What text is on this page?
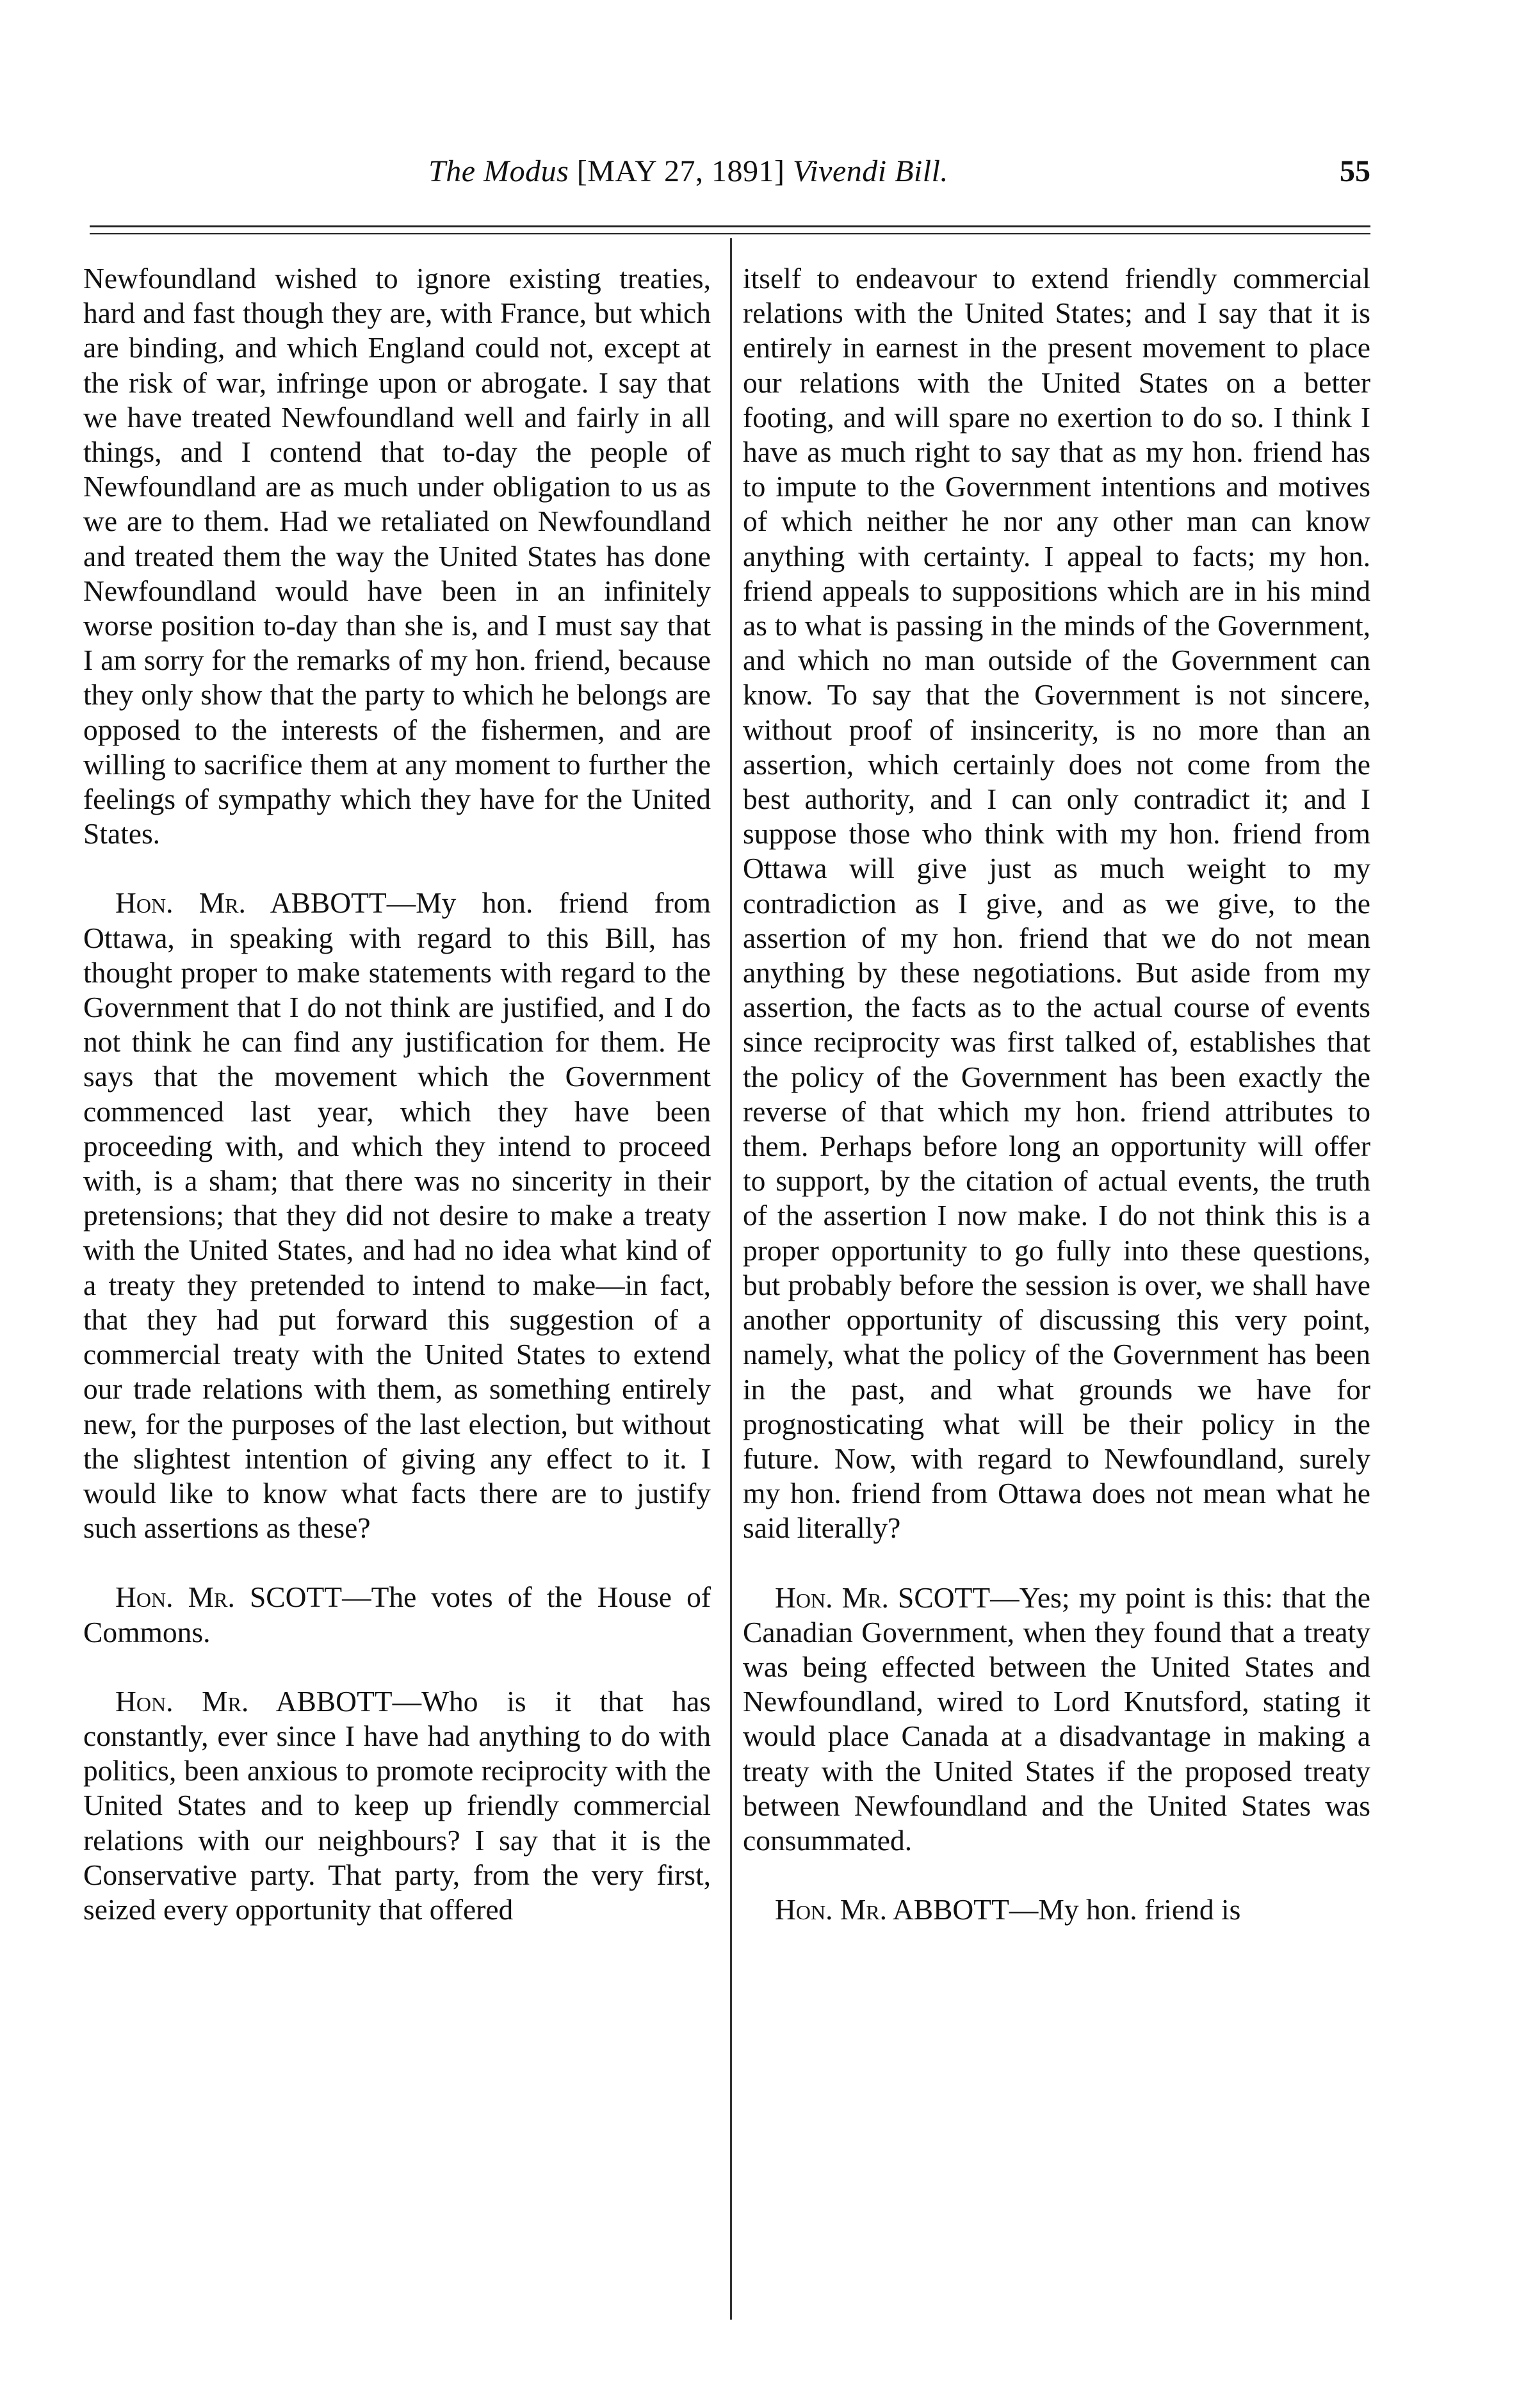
The Modus [MAY 27, 1891] Vivendi Bill.	55

Newfoundland wished to ignore existing treaties, hard and fast though they are, with France, but which are binding, and which England could not, except at the risk of war, infringe upon or abrogate. I say that we have treated Newfoundland well and fairly in all things, and I contend that to-day the people of Newfoundland are as much under obligation to us as we are to them. Had we retaliated on Newfoundland and treated them the way the United States has done Newfoundland would have been in an infinitely worse position to-day than she is, and I must say that I am sorry for the remarks of my hon. friend, because they only show that the party to which he belongs are opposed to the interests of the fishermen, and are willing to sacrifice them at any moment to further the feelings of sympathy which they have for the United States.

Hon. Mr. ABBOTT—My hon. friend from Ottawa, in speaking with regard to this Bill, has thought proper to make statements with regard to the Government that I do not think are justified, and I do not think he can find any justification for them. He says that the movement which the Government commenced last year, which they have been proceeding with, and which they intend to proceed with, is a sham; that there was no sincerity in their pretensions; that they did not desire to make a treaty with the United States, and had no idea what kind of a treaty they pretended to intend to make—in fact, that they had put forward this suggestion of a commercial treaty with the United States to extend our trade relations with them, as something entirely new, for the purposes of the last election, but without the slightest intention of giving any effect to it. I would like to know what facts there are to justify such assertions as these?

Hon. Mr. SCOTT—The votes of the House of Commons.

Hon. Mr. ABBOTT—Who is it that has constantly, ever since I have had anything to do with politics, been anxious to promote reciprocity with the United States and to keep up friendly commercial relations with our neighbours? I say that it is the Conservative party. That party, from the very first, seized every opportunity that offered

itself to endeavour to extend friendly commercial relations with the United States; and I say that it is entirely in earnest in the present movement to place our relations with the United States on a better footing, and will spare no exertion to do so. I think I have as much right to say that as my hon. friend has to impute to the Government intentions and motives of which neither he nor any other man can know anything with certainty. I appeal to facts; my hon. friend appeals to suppositions which are in his mind as to what is passing in the minds of the Government, and which no man outside of the Government can know. To say that the Government is not sincere, without proof of insincerity, is no more than an assertion, which certainly does not come from the best authority, and I can only contradict it; and I suppose those who think with my hon. friend from Ottawa will give just as much weight to my contradiction as I give, and as we give, to the assertion of my hon. friend that we do not mean anything by these negotiations. But aside from my assertion, the facts as to the actual course of events since reciprocity was first talked of, establishes that the policy of the Government has been exactly the reverse of that which my hon. friend attributes to them. Perhaps before long an opportunity will offer to support, by the citation of actual events, the truth of the assertion I now make. I do not think this is a proper opportunity to go fully into these questions, but probably before the session is over, we shall have another opportunity of discussing this very point, namely, what the policy of the Government has been in the past, and what grounds we have for prognosticating what will be their policy in the future. Now, with regard to Newfoundland, surely my hon. friend from Ottawa does not mean what he said literally?

Hon. Mr. SCOTT—Yes; my point is this: that the Canadian Government, when they found that a treaty was being effected between the United States and Newfoundland, wired to Lord Knutsford, stating it would place Canada at a disadvantage in making a treaty with the United States if the proposed treaty between Newfoundland and the United States was consummated.

Hon. Mr. ABBOTT—My hon. friend is
